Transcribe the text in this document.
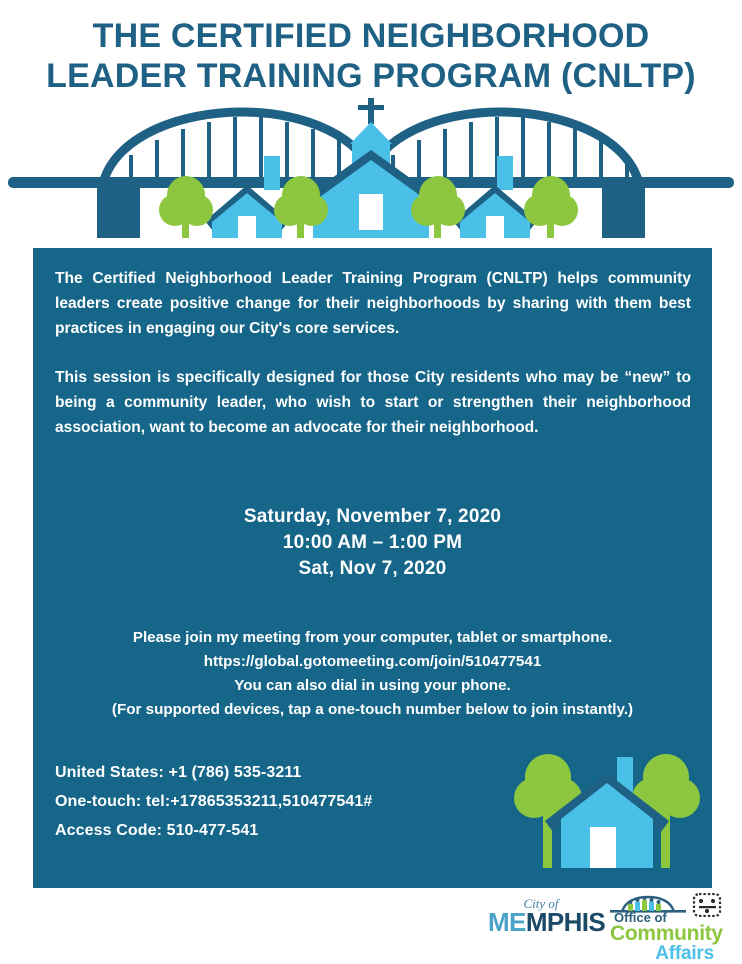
THE CERTIFIED NEIGHBORHOOD
LEADER TRAINING PROGRAM (CNLTP)

The Certified Neighborhood Leader Training Program (CNLTP) helps community leaders create positive change for their neighborhoods by sharing with them best practices in engaging our City's core services.

This session is specifically designed for those City residents who may be “new” to being a community leader, who wish to start or strengthen their neighborhood association, want to become an advocate for their neighborhood.

Saturday, November 7, 2020
10:00 AM – 1:00 PM
Sat, Nov 7, 2020
Please join my meeting from your computer, tablet or smartphone.
https://global.gotomeeting.com/join/510477541
You can also dial in using your phone.
(For supported devices, tap a one-touch number below to join instantly.)
United States: +1 (786) 535-3211
One-touch: tel:+17865353211,510477541#
Access Code: 510-477-541
City of
MEMPHIS Office of
Community
Affairs
